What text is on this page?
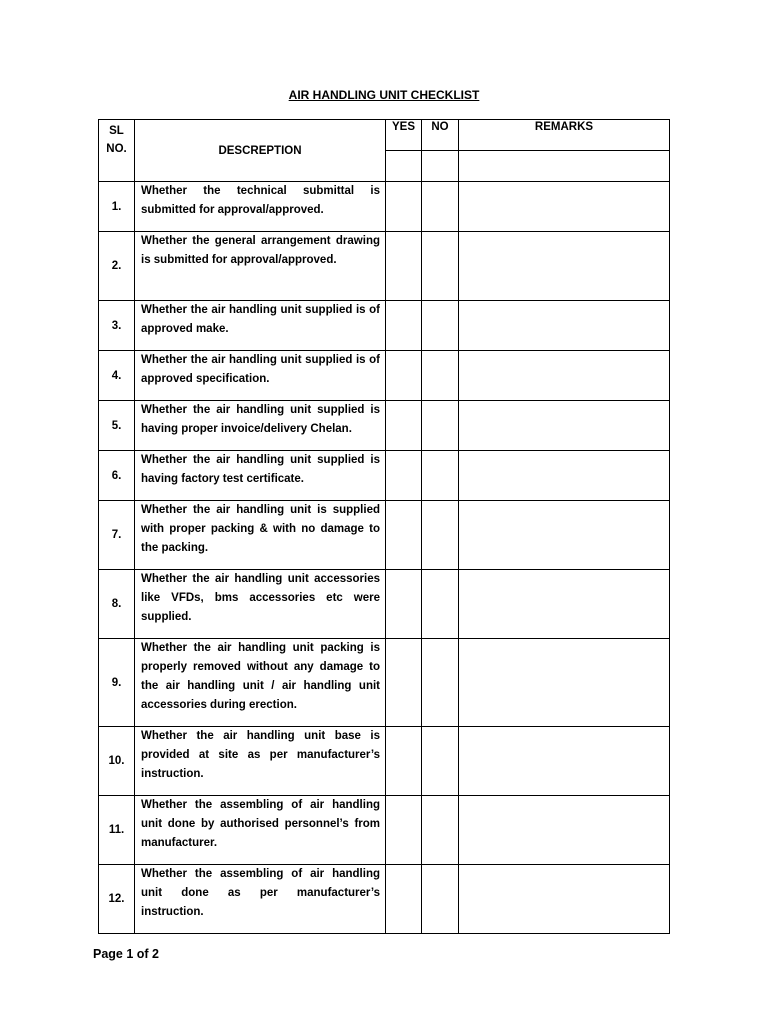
AIR HANDLING UNIT CHECKLIST
SL NO.	DESCREPTION	YES	NO	REMARKS

1.	Whether the technical submittal is submitted for approval/approved.			

2.	Whether the general arrangement drawing is submitted for approval/approved.			

3.	Whether the air handling unit supplied is of approved make.			

4.	Whether the air handling unit supplied is of approved specification.			

5.	Whether the air handling unit supplied is having proper invoice/delivery Chelan.			

6.	Whether the air handling unit supplied is having factory test certificate.			

7.	Whether the air handling unit is supplied with proper packing & with no damage to the packing.			

8.	Whether the air handling unit accessories like VFDs, bms accessories etc were supplied.			

9.	Whether the air handling unit packing is properly removed without any damage to the air handling unit / air handling unit accessories during erection.			

10.	Whether the air handling unit base is provided at site as per manufacturer’s instruction.			

11.	Whether the assembling of air handling unit done by authorised personnel’s from manufacturer.			

12.	Whether the assembling of air handling unit done as per manufacturer’s instruction.			

Page 1 of 2
